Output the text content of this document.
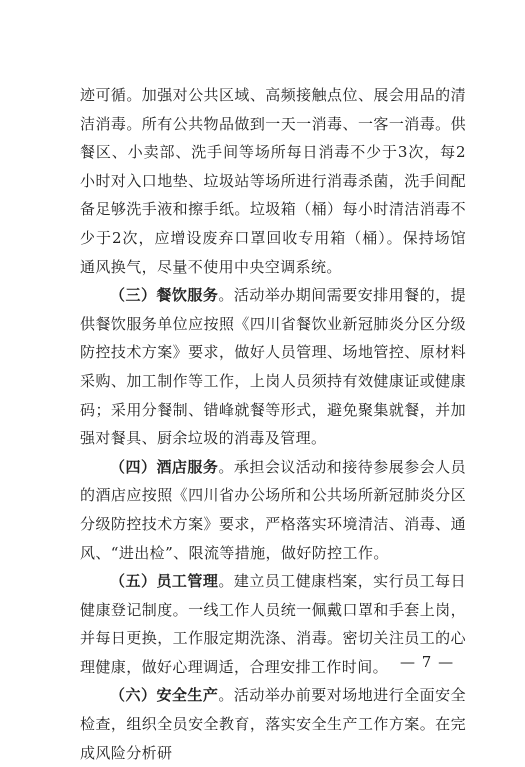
迹可循。加强对公共区域、高频接触点位、展会用品的清洁消毒。所有公共物品做到一天一消毒、一客一消毒。供餐区、小卖部、洗手间等场所每日消毒不少于3次，每2小时对入口地垫、垃圾站等场所进行消毒杀菌，洗手间配备足够洗手液和擦手纸。垃圾箱（桶）每小时清洁消毒不少于2次，应增设废弃口罩回收专用箱（桶）。保持场馆通风换气，尽量不使用中央空调系统。

（三）餐饮服务。活动举办期间需要安排用餐的，提供餐饮服务单位应按照《四川省餐饮业新冠肺炎分区分级防控技术方案》要求，做好人员管理、场地管控、原材料采购、加工制作等工作，上岗人员须持有效健康证或健康码；采用分餐制、错峰就餐等形式，避免聚集就餐，并加强对餐具、厨余垃圾的消毒及管理。

（四）酒店服务。承担会议活动和接待参展参会人员的酒店应按照《四川省办公场所和公共场所新冠肺炎分区分级防控技术方案》要求，严格落实环境清洁、消毒、通风、“进出检”、限流等措施，做好防控工作。

（五）员工管理。建立员工健康档案，实行员工每日健康登记制度。一线工作人员统一佩戴口罩和手套上岗，并每日更换，工作服定期洗涤、消毒。密切关注员工的心理健康，做好心理调适，合理安排工作时间。

（六）安全生产。活动举办前要对场地进行全面安全检查，组织全员安全教育，落实安全生产工作方案。在完成风险分析研

— 7 —
